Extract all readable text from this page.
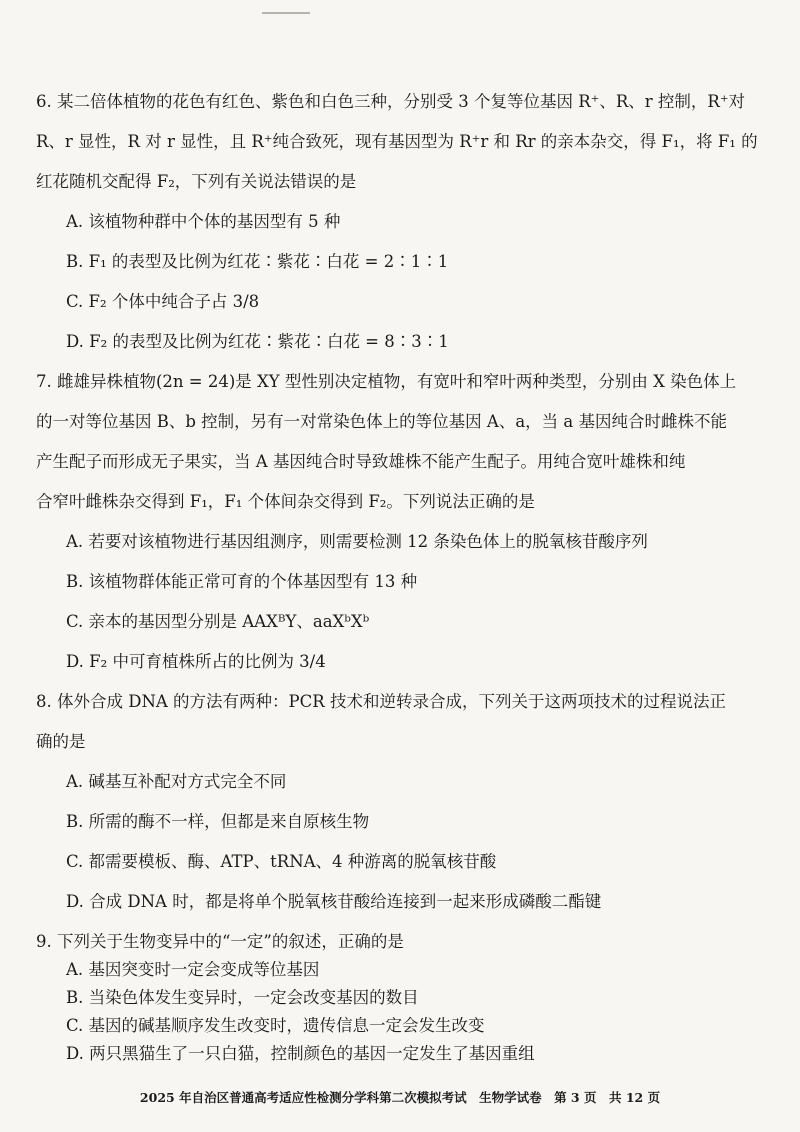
6. 某二倍体植物的花色有红色、紫色和白色三种，分别受 3 个复等位基因 R⁺、R、r 控制，R⁺对
R、r 显性，R 对 r 显性，且 R⁺纯合致死，现有基因型为 R⁺r 和 Rr 的亲本杂交，得 F₁，将 F₁ 的
红花随机交配得 F₂，下列有关说法错误的是
A. 该植物种群中个体的基因型有 5 种
B. F₁ 的表型及比例为红花∶紫花∶白花 = 2∶1∶1
C. F₂ 个体中纯合子占 3/8
D. F₂ 的表型及比例为红花∶紫花∶白花 = 8∶3∶1
7. 雌雄异株植物(2n = 24)是 XY 型性别决定植物，有宽叶和窄叶两种类型，分别由 X 染色体上
的一对等位基因 B、b 控制，另有一对常染色体上的等位基因 A、a，当 a 基因纯合时雌株不能
产生配子而形成无子果实，当 A 基因纯合时导致雄株不能产生配子。用纯合宽叶雄株和纯
合窄叶雌株杂交得到 F₁，F₁ 个体间杂交得到 F₂。下列说法正确的是
A. 若要对该植物进行基因组测序，则需要检测 12 条染色体上的脱氧核苷酸序列
B. 该植物群体能正常可育的个体基因型有 13 种
C. 亲本的基因型分别是 AAXᴮY、aaXᵇXᵇ
D. F₂ 中可育植株所占的比例为 3/4
8. 体外合成 DNA 的方法有两种：PCR 技术和逆转录合成，下列关于这两项技术的过程说法正
确的是
A. 碱基互补配对方式完全不同
B. 所需的酶不一样，但都是来自原核生物
C. 都需要模板、酶、ATP、tRNA、4 种游离的脱氧核苷酸
D. 合成 DNA 时，都是将单个脱氧核苷酸给连接到一起来形成磷酸二酯键
9. 下列关于生物变异中的“一定”的叙述，正确的是
A. 基因突变时一定会变成等位基因
B. 当染色体发生变异时，一定会改变基因的数目
C. 基因的碱基顺序发生改变时，遗传信息一定会发生改变
2025 年自治区普通高考适应性检测分学科第二次模拟考试　生物学试卷　第 3 页　共 12 页
D. 两只黑猫生了一只白猫，控制颜色的基因一定发生了基因重组
